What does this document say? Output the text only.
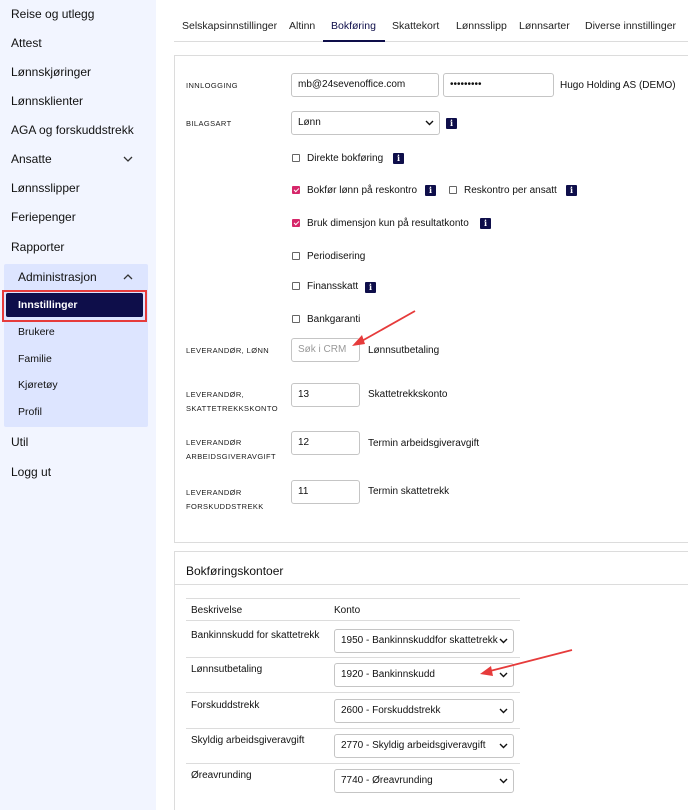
Reise og utlegg
Attest
Lønnskjøringer
Lønnsklienter
AGA og forskuddstrekk
Ansatte
Lønnsslipper
Feriepenger
Rapporter
Administrasjon
Innstillinger
Brukere
Familie
Kjøretøy
Profil
Util
Logg ut
Selskapsinnstillinger Altinn Bokføring Skattekort Lønnsslipp Lønnsarter Diverse innstillinger
INNLOGGING	mb@24sevenoffice.com	•••••••••	Hugo Holding AS (DEMO)
BILAGSART	Lønn	i
Direkte bokføring	i
Bokfør lønn på reskontro	i	Reskontro per ansatt	i
Bruk dimensjon kun på resultatkonto	i
Periodisering
Finansskatt	i
Bankgaranti
LEVERANDØR, LØNN	Søk i CRM	Lønnsutbetaling
LEVERANDØR,
SKATTETREKKSKONTO
13	Skattetrekkskonto
LEVERANDØR
ARBEIDSGIVERAVGIFT
12	Termin arbeidsgiveravgift
LEVERANDØR
FORSKUDDSTREKK
11	Termin skattetrekk
Bokføringskontoer
Beskrivelse	Konto
Bankinnskudd for skattetrekk	1950 - Bankinnskuddfor skattetrekk
Lønnsutbetaling	1920 - Bankinnskudd
Forskuddstrekk	2600 - Forskuddstrekk
Skyldig arbeidsgiveravgift	2770 - Skyldig arbeidsgiveravgift
Øreavrunding	7740 - Øreavrunding
